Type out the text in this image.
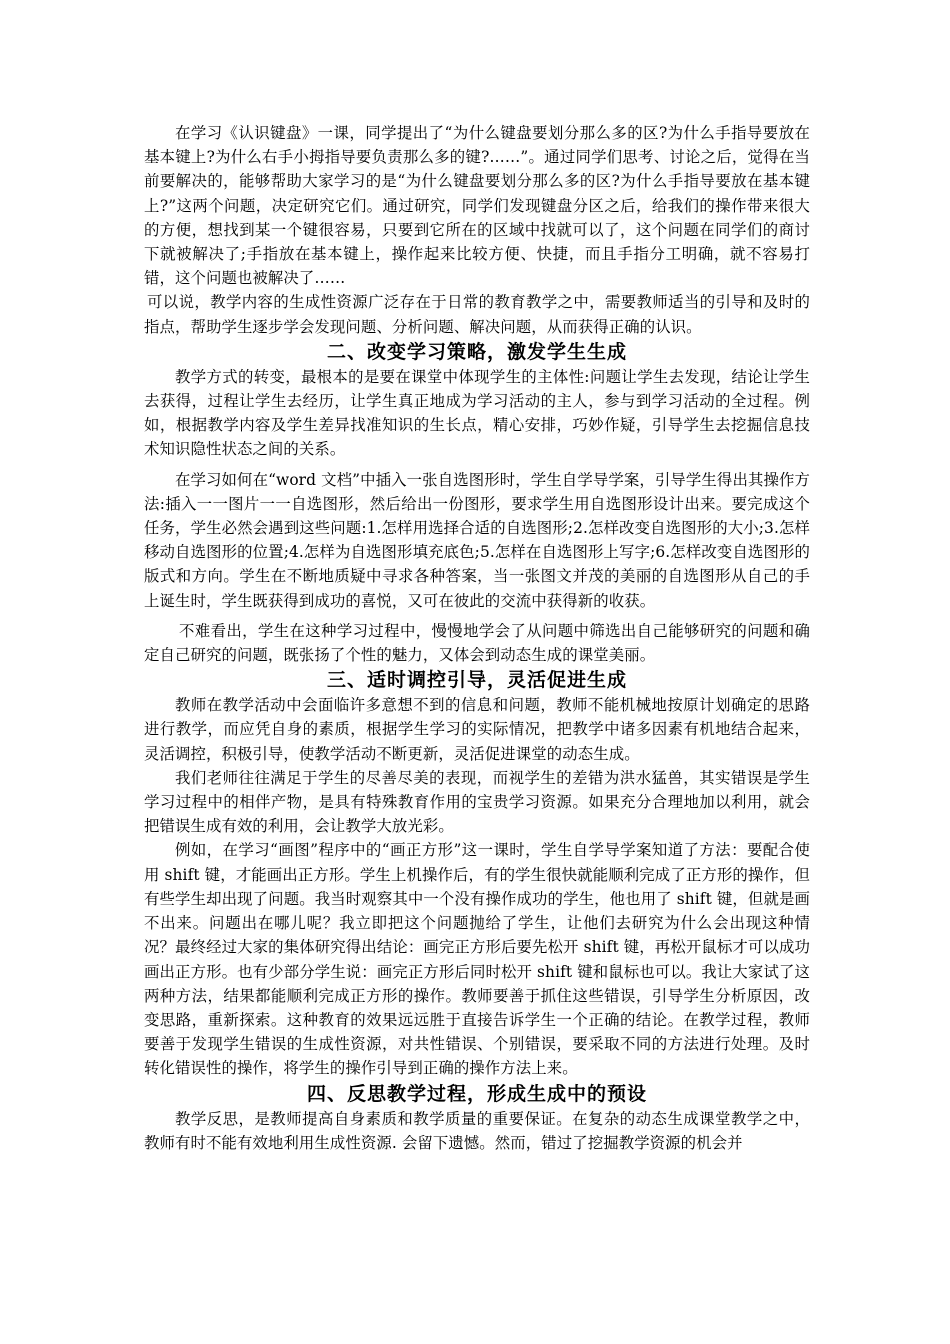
在学习《认识键盘》一课，同学提出了“为什么键盘要划分那么多的区?为什么手指导要放在基本键上?为什么右手小拇指导要负责那么多的键?……”。通过同学们思考、讨论之后，觉得在当前要解决的，能够帮助大家学习的是“为什么键盘要划分那么多的区?为什么手指导要放在基本键上?”这两个问题，决定研究它们。通过研究，同学们发现键盘分区之后，给我们的操作带来很大的方便，想找到某一个键很容易，只要到它所在的区域中找就可以了，这个问题在同学们的商讨下就被解决了;手指放在基本键上，操作起来比较方便、快捷，而且手指分工明确，就不容易打错，这个问题也被解决了……

可以说，教学内容的生成性资源广泛存在于日常的教育教学之中，需要教师适当的引导和及时的指点，帮助学生逐步学会发现问题、分析问题、解决问题，从而获得正确的认识。

二、改变学习策略，激发学生生成

教学方式的转变，最根本的是要在课堂中体现学生的主体性:问题让学生去发现，结论让学生去获得，过程让学生去经历，让学生真正地成为学习活动的主人，参与到学习活动的全过程。例如，根据教学内容及学生差异找准知识的生长点，精心安排，巧妙作疑，引导学生去挖掘信息技术知识隐性状态之间的关系。

在学习如何在“word 文档”中插入一张自选图形时，学生自学导学案，引导学生得出其操作方法:插入一一图片一一自选图形，然后给出一份图形，要求学生用自选图形设计出来。要完成这个任务，学生必然会遇到这些问题:1.怎样用选择合适的自选图形;2.怎样改变自选图形的大小;3.怎样移动自选图形的位置;4.怎样为自选图形填充底色;5.怎样在自选图形上写字;6.怎样改变自选图形的版式和方向。学生在不断地质疑中寻求各种答案，当一张图文并茂的美丽的自选图形从自己的手上诞生时，学生既获得到成功的喜悦，又可在彼此的交流中获得新的收获。

不难看出，学生在这种学习过程中，慢慢地学会了从问题中筛选出自己能够研究的问题和确定自己研究的问题，既张扬了个性的魅力，又体会到动态生成的课堂美丽。

三、适时调控引导，灵活促进生成

教师在教学活动中会面临许多意想不到的信息和问题，教师不能机械地按原计划确定的思路进行教学，而应凭自身的素质，根据学生学习的实际情况，把教学中诸多因素有机地结合起来，灵活调控，积极引导，使教学活动不断更新，灵活促进课堂的动态生成。

我们老师往往满足于学生的尽善尽美的表现，而视学生的差错为洪水猛兽，其实错误是学生学习过程中的相伴产物，是具有特殊教育作用的宝贵学习资源。如果充分合理地加以利用，就会把错误生成有效的利用，会让教学大放光彩。

例如，在学习“画图”程序中的“画正方形”这一课时，学生自学导学案知道了方法：要配合使用 shift 键，才能画出正方形。学生上机操作后，有的学生很快就能顺利完成了正方形的操作，但有些学生却出现了问题。我当时观察其中一个没有操作成功的学生，他也用了 shift 键，但就是画不出来。问题出在哪儿呢？我立即把这个问题抛给了学生，让他们去研究为什么会出现这种情况？最终经过大家的集体研究得出结论：画完正方形后要先松开 shift 键，再松开鼠标才可以成功画出正方形。也有少部分学生说：画完正方形后同时松开 shift 键和鼠标也可以。我让大家试了这两种方法，结果都能顺利完成正方形的操作。教师要善于抓住这些错误，引导学生分析原因，改变思路，重新探索。这种教育的效果远远胜于直接告诉学生一个正确的结论。在教学过程，教师要善于发现学生错误的生成性资源，对共性错误、个别错误，要采取不同的方法进行处理。及时转化错误性的操作，将学生的操作引导到正确的操作方法上来。

四、反思教学过程，形成生成中的预设

教学反思，是教师提高自身素质和教学质量的重要保证。在复杂的动态生成课堂教学之中，教师有时不能有效地利用生成性资源. 会留下遗憾。然而，错过了挖掘教学资源的机会并
